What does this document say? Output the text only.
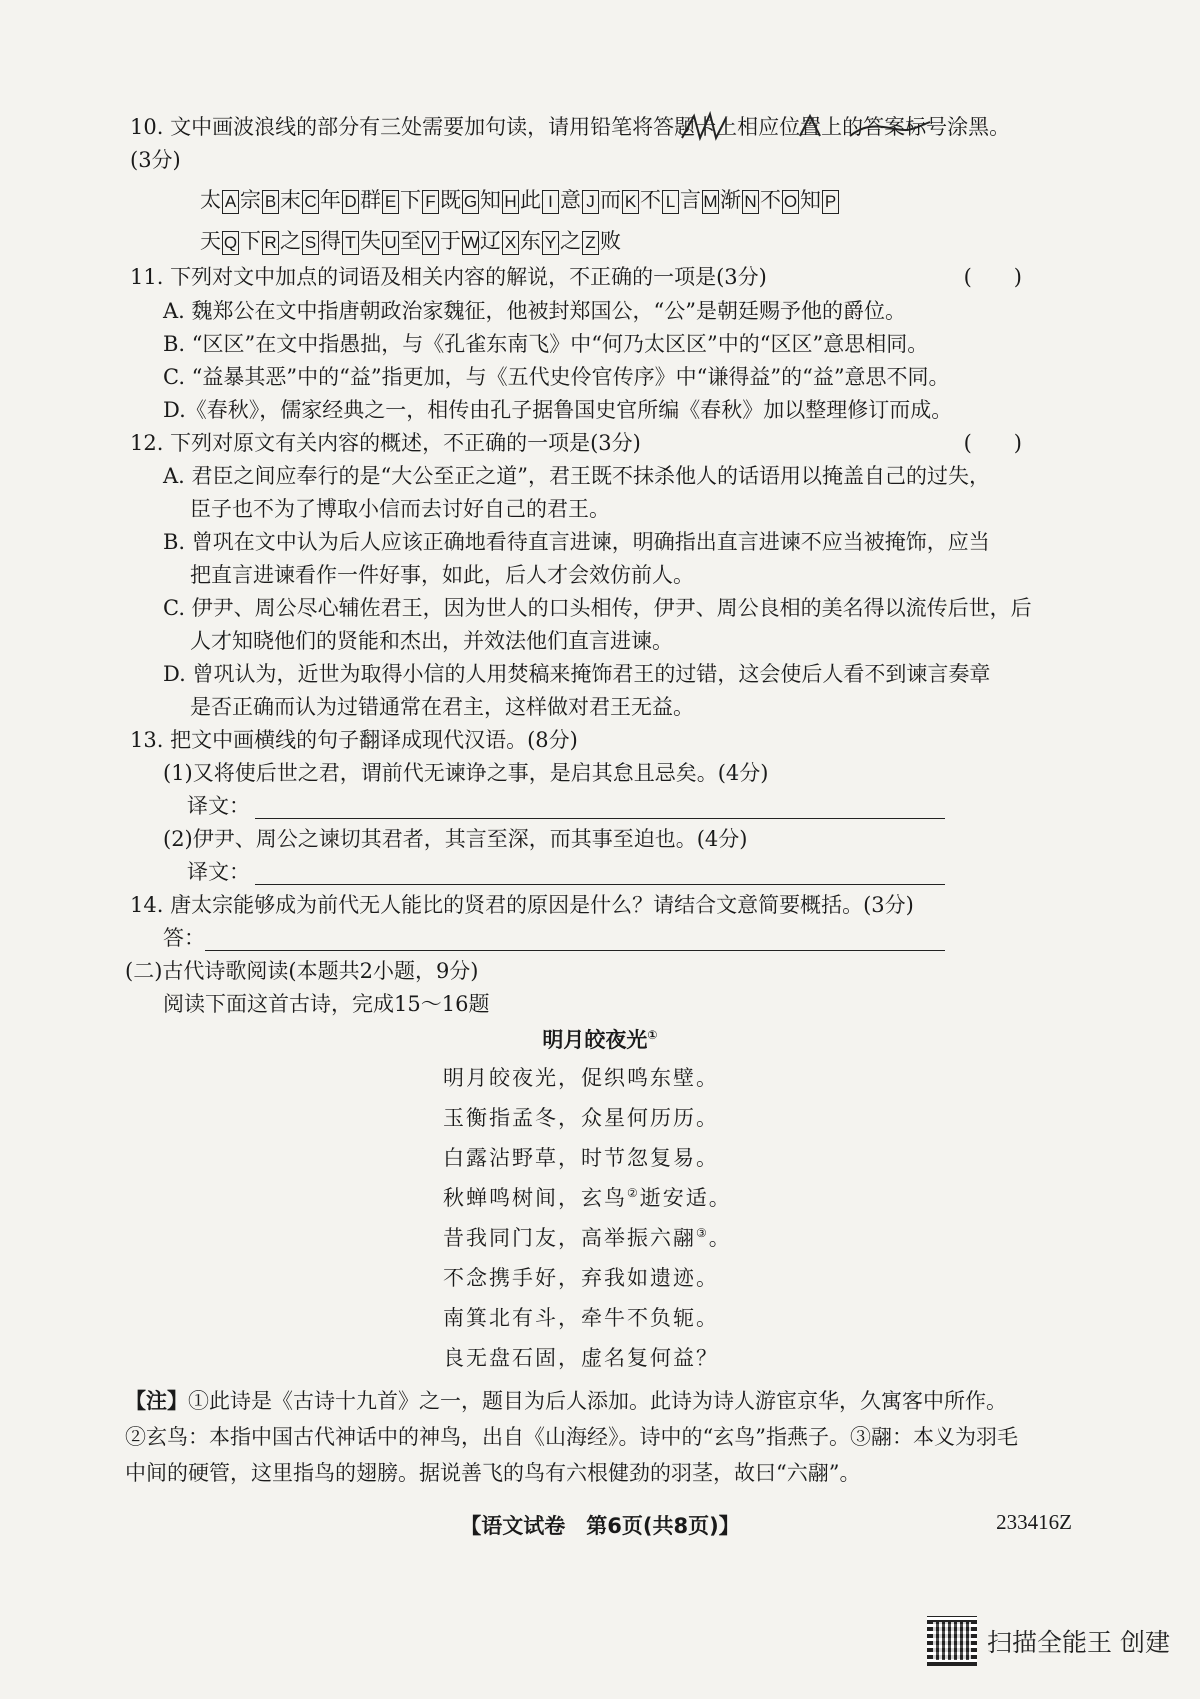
10. 文中画波浪线的部分有三处需要加句读，请用铅笔将答题卡上相应位置上的答案标号涂黑。
(3分)
太 A 宗 B 末 C 年 D 群 E 下 F 既 G 知 H 此 I 意 J 而 K 不 L 言 M 渐 N 不 O 知 P
天 Q 下 R 之 S 得 T 失 U 至 V 于 W辽 X 东 Y 之 Z 败
11. 下列对文中加点的词语及相关内容的解说，不正确的一项是(3分)	(　　)
A. 魏郑公在文中指唐朝政治家魏征，他被封郑国公，“公”是朝廷赐予他的爵位。
B. “区区”在文中指愚拙，与《孔雀东南飞》中“何乃太区区”中的“区区”意思相同。
C. “益暴其恶”中的“益”指更加，与《五代史伶官传序》中“谦得益”的“益”意思不同。
D.《春秋》，儒家经典之一，相传由孔子据鲁国史官所编《春秋》加以整理修订而成。
12. 下列对原文有关内容的概述，不正确的一项是(3分)	(　　)
A. 君臣之间应奉行的是“大公至正之道”，君王既不抹杀他人的话语用以掩盖自己的过失，
臣子也不为了博取小信而去讨好自己的君王。
B. 曾巩在文中认为后人应该正确地看待直言进谏，明确指出直言进谏不应当被掩饰，应当
把直言进谏看作一件好事，如此，后人才会效仿前人。
C. 伊尹、周公尽心辅佐君王，因为世人的口头相传，伊尹、周公良相的美名得以流传后世，后
人才知晓他们的贤能和杰出，并效法他们直言进谏。
D. 曾巩认为，近世为取得小信的人用焚稿来掩饰君王的过错，这会使后人看不到谏言奏章
是否正确而认为过错通常在君主，这样做对君王无益。
13. 把文中画横线的句子翻译成现代汉语。(8分)
(1)又将使后世之君，谓前代无谏诤之事，是启其怠且忌矣。(4分)
译文：
(2)伊尹、周公之谏切其君者，其言至深，而其事至迫也。(4分)
译文：
14. 唐太宗能够成为前代无人能比的贤君的原因是什么？请结合文意简要概括。(3分)
答：
(二)古代诗歌阅读(本题共2小题，9分)
阅读下面这首古诗，完成15～16题
明月皎夜光①
明月皎夜光，促织鸣东壁。
玉衡指孟冬，众星何历历。
白露沾野草，时节忽复易。
秋蝉鸣树间，玄鸟②逝安适。
昔我同门友，高举振六翮③。
不念携手好，弃我如遗迹。
南箕北有斗，牵牛不负轭。
良无盘石固，虚名复何益？
【注】①此诗是《古诗十九首》之一，题目为后人添加。此诗为诗人游宦京华，久寓客中所作。
②玄鸟：本指中国古代神话中的神鸟，出自《山海经》。诗中的“玄鸟”指燕子。③翮：本义为羽毛
中间的硬管，这里指鸟的翅膀。据说善飞的鸟有六根健劲的羽茎，故曰“六翮”。
【语文试卷　第6页(共8页)】	233416Z
扫描全能王 创建
